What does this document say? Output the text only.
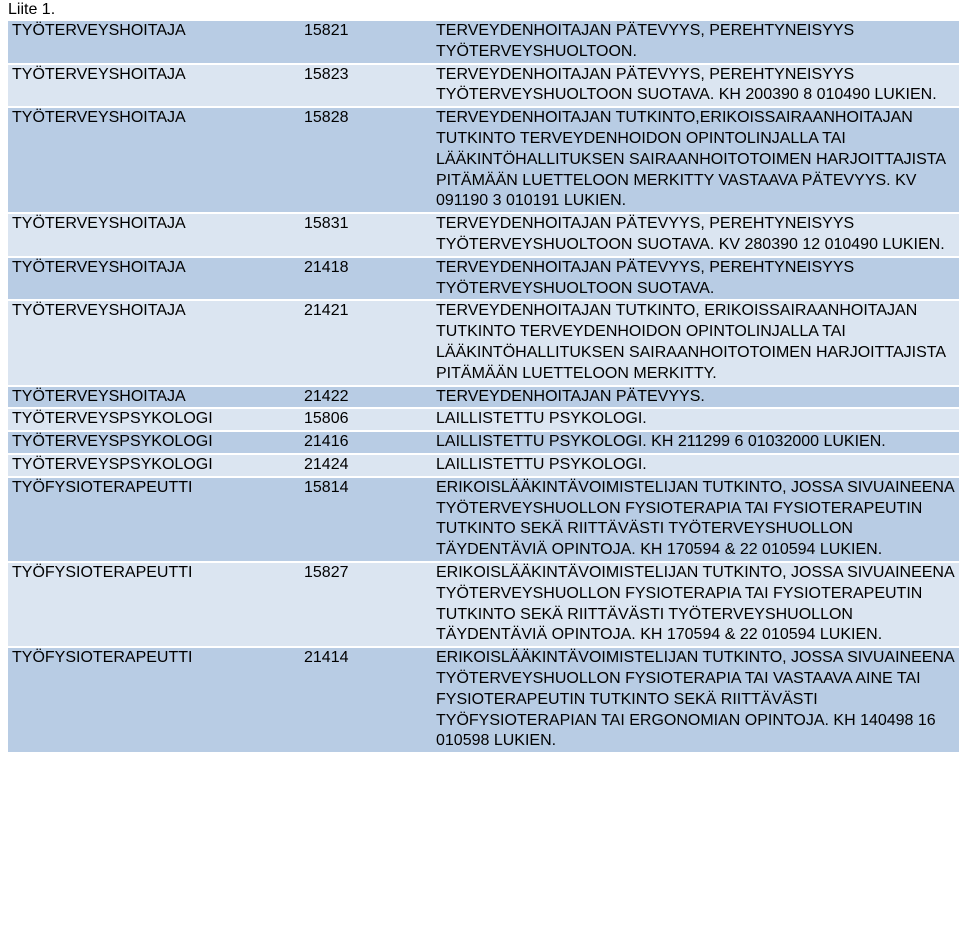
Liite 1.
TYÖTERVEYSHOITAJA	15821	TERVEYDENHOITAJAN PÄTEVYYS, PEREHTYNEISYYS TYÖTERVEYSHUOLTOON.
TYÖTERVEYSHOITAJA	15823	TERVEYDENHOITAJAN PÄTEVYYS, PEREHTYNEISYYS TYÖTERVEYSHUOLTOON SUOTAVA. KH 200390 8 010490 LUKIEN.
TYÖTERVEYSHOITAJA	15828	TERVEYDENHOITAJAN TUTKINTO,ERIKOISSAIRAANHOITAJAN TUTKINTO TERVEYDENHOIDON OPINTOLINJALLA TAI LÄÄKINTÖHALLITUKSEN SAIRAANHOITOTOIMEN HARJOITTAJISTA PITÄMÄÄN LUETTELOON MERKITTY VASTAAVA PÄTEVYYS. KV 091190 3 010191 LUKIEN.
TYÖTERVEYSHOITAJA	15831	TERVEYDENHOITAJAN PÄTEVYYS, PEREHTYNEISYYS TYÖTERVEYSHUOLTOON SUOTAVA. KV 280390 12 010490 LUKIEN.
TYÖTERVEYSHOITAJA	21418	TERVEYDENHOITAJAN PÄTEVYYS, PEREHTYNEISYYS TYÖTERVEYSHUOLTOON SUOTAVA.
TYÖTERVEYSHOITAJA	21421	TERVEYDENHOITAJAN TUTKINTO, ERIKOISSAIRAANHOITAJAN TUTKINTO TERVEYDENHOIDON OPINTOLINJALLA TAI LÄÄKINTÖHALLITUKSEN SAIRAANHOITOTOIMEN HARJOITTAJISTA PITÄMÄÄN LUETTELOON MERKITTY.
TYÖTERVEYSHOITAJA	21422	TERVEYDENHOITAJAN PÄTEVYYS.
TYÖTERVEYSPSYKOLOGI	15806	LAILLISTETTU PSYKOLOGI.
TYÖTERVEYSPSYKOLOGI	21416	LAILLISTETTU PSYKOLOGI. KH 211299 6 01032000 LUKIEN.
TYÖTERVEYSPSYKOLOGI	21424	LAILLISTETTU PSYKOLOGI.
TYÖFYSIOTERAPEUTTI	15814	ERIKOISLÄÄKINTÄVOIMISTELIJAN TUTKINTO, JOSSA SIVUAINEENA TYÖTERVEYSHUOLLON FYSIOTERAPIA TAI FYSIOTERAPEUTIN TUTKINTO SEKÄ RIITTÄVÄSTI TYÖTERVEYSHUOLLON TÄYDENTÄVIÄ OPINTOJA. KH 170594 & 22 010594 LUKIEN.
TYÖFYSIOTERAPEUTTI	15827	ERIKOISLÄÄKINTÄVOIMISTELIJAN TUTKINTO, JOSSA SIVUAINEENA TYÖTERVEYSHUOLLON FYSIOTERAPIA TAI FYSIOTERAPEUTIN TUTKINTO SEKÄ RIITTÄVÄSTI TYÖTERVEYSHUOLLON TÄYDENTÄVIÄ OPINTOJA. KH 170594 & 22 010594 LUKIEN.
TYÖFYSIOTERAPEUTTI	21414	ERIKOISLÄÄKINTÄVOIMISTELIJAN TUTKINTO, JOSSA SIVUAINEENA TYÖTERVEYSHUOLLON FYSIOTERAPIA TAI VASTAAVA AINE TAI FYSIOTERAPEUTIN TUTKINTO SEKÄ RIITTÄVÄSTI TYÖFYSIOTERAPIAN TAI ERGONOMIAN OPINTOJA. KH 140498 16 010598 LUKIEN.
